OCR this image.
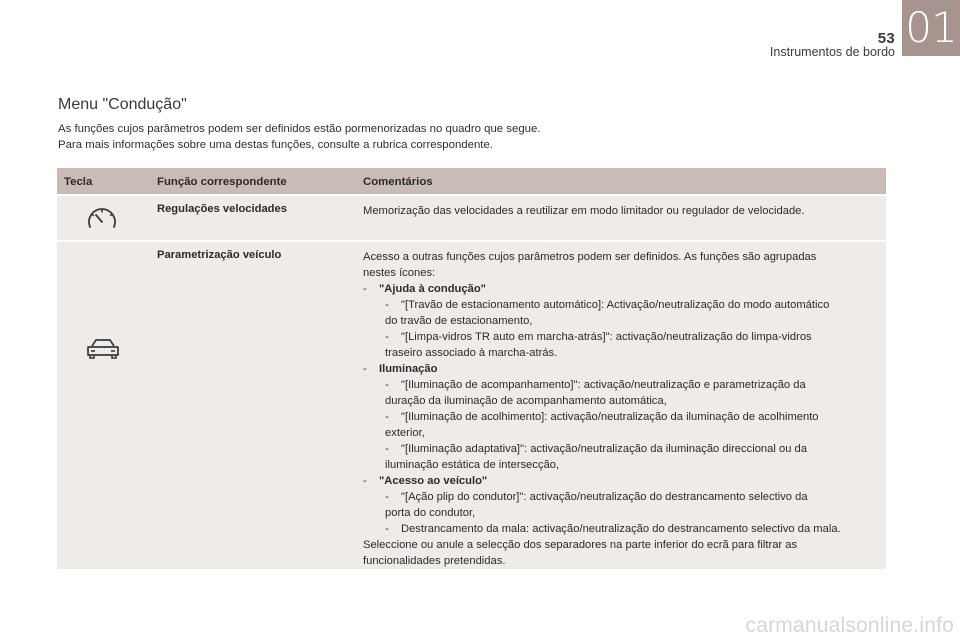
53 01
Instrumentos de bordo
Menu "Condução"

As funções cujos parâmetros podem ser definidos estão pormenorizadas no quadro que segue.

Para mais informações sobre uma destas funções, consulte a rubrica correspondente.

Tecla	Função correspondente	Comentários
Regulações velocidades	Memorização das velocidades a reutilizar em modo limitador ou regulador de velocidade.
Parametrização veículo	Acesso a outras funções cujos parâmetros podem ser definidos. As funções são agrupadas

nestes ícones:

- "Ajuda à condução"

- "[Travão de estacionamento automático]: Activação/neutralização do modo automático

do travão de estacionamento,

- "[Limpa-vidros TR auto em marcha-atrás]": activação/neutralização do limpa-vidros

traseiro associado à marcha-atrás.

- Iluminação

- "[Iluminação de acompanhamento]": activação/neutralização e parametrização da

duração da iluminação de acompanhamento automática,

- "[Iluminação de acolhimento]: activação/neutralização da iluminação de acolhimento

exterior,

- "[Iluminação adaptativa]": activação/neutralização da iluminação direccional ou da

iluminação estática de intersecção,

- "Acesso ao veículo"

- "[Ação plip do condutor]": activação/neutralização do destrancamento selectivo da

porta do condutor,

- Destrancamento da mala: activação/neutralização do destrancamento selectivo da mala.

Seleccione ou anule a selecção dos separadores na parte inferior do ecrã para filtrar as

funcionalidades pretendidas.

carmanualsonline.info
